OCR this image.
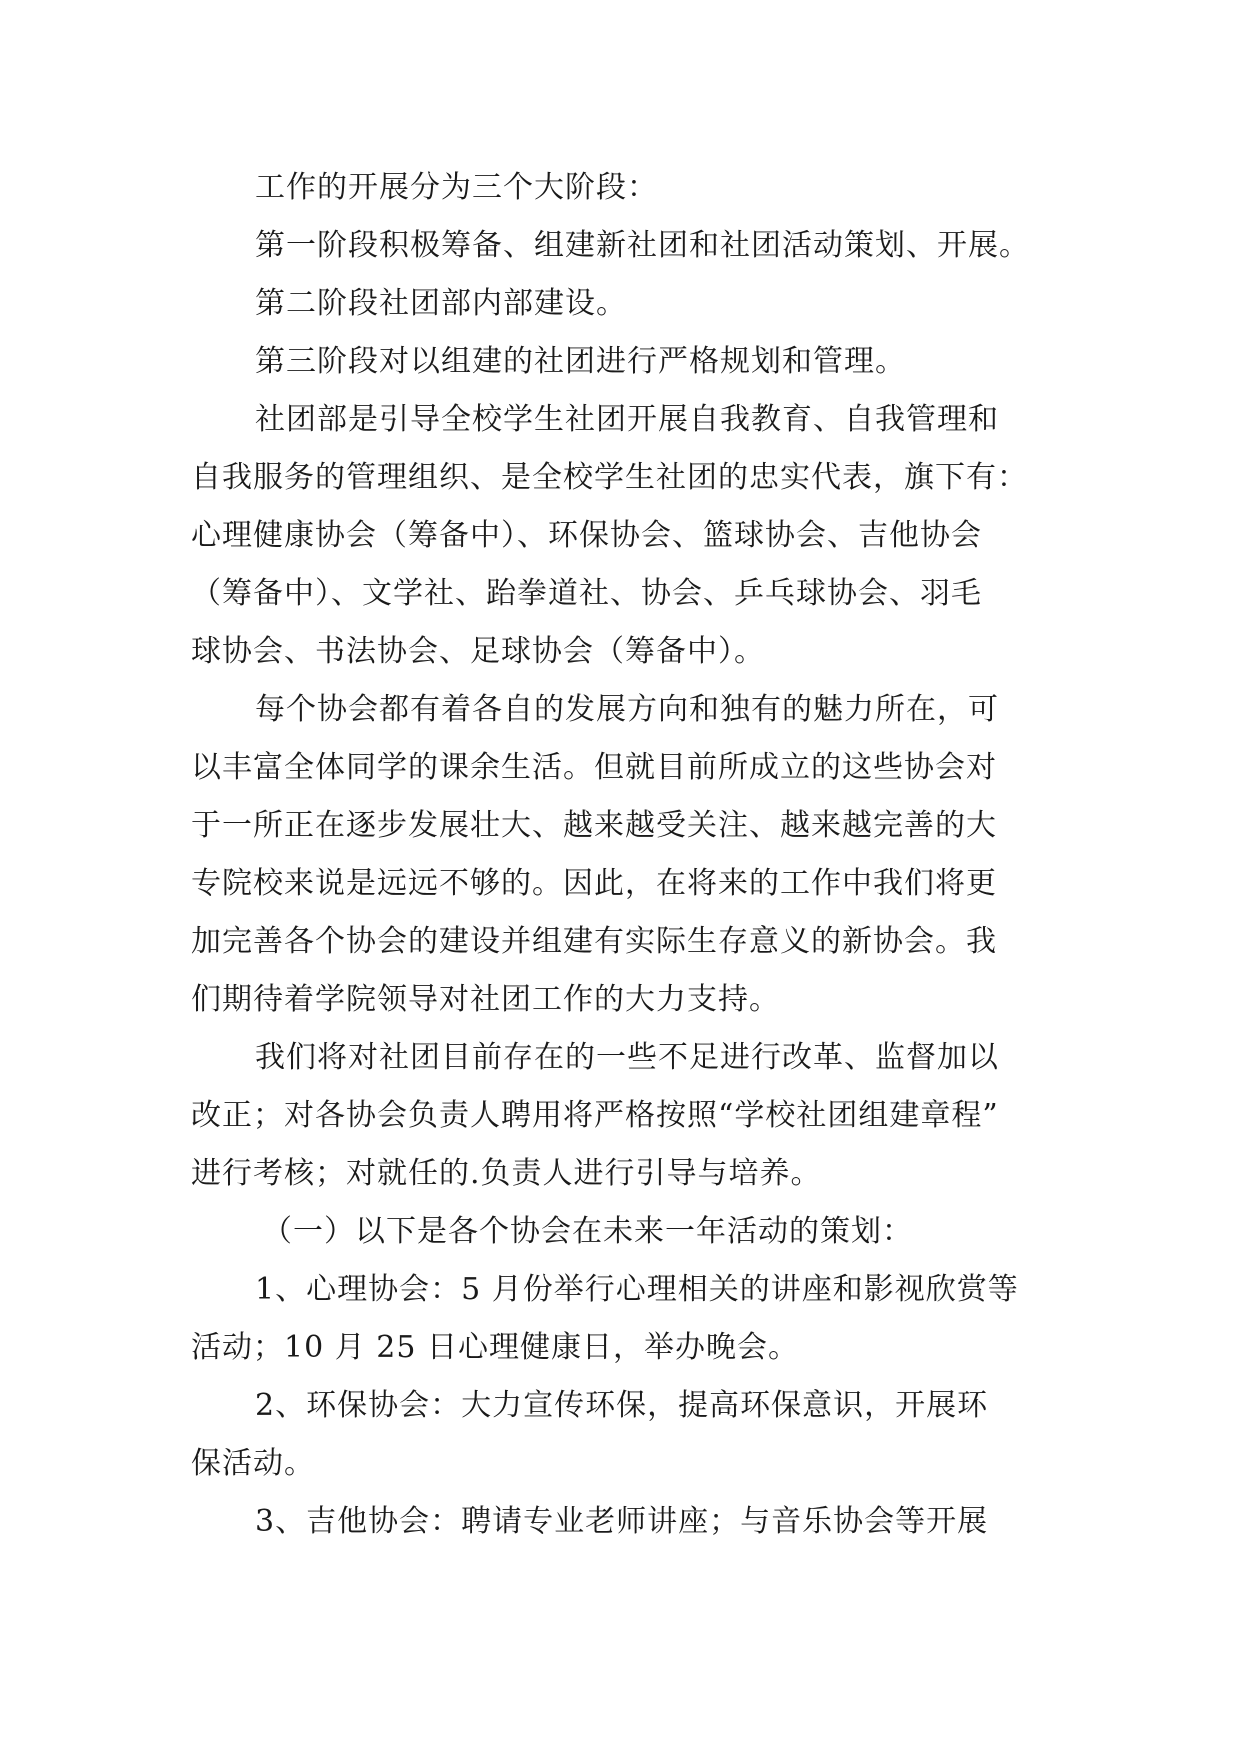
工作的开展分为三个大阶段：
第一阶段积极筹备、组建新社团和社团活动策划、开展。
第二阶段社团部内部建设。
第三阶段对以组建的社团进行严格规划和管理。
社团部是引导全校学生社团开展自我教育、自我管理和
自我服务的管理组织、是全校学生社团的忠实代表，旗下有：
心理健康协会（筹备中）、环保协会、篮球协会、吉他协会
（筹备中）、文学社、跆拳道社、协会、乒乓球协会、羽毛
球协会、书法协会、足球协会（筹备中）。
每个协会都有着各自的发展方向和独有的魅力所在，可
以丰富全体同学的课余生活。但就目前所成立的这些协会对
于一所正在逐步发展壮大、越来越受关注、越来越完善的大
专院校来说是远远不够的。因此，在将来的工作中我们将更
加完善各个协会的建设并组建有实际生存意义的新协会。我
们期待着学院领导对社团工作的大力支持。
我们将对社团目前存在的一些不足进行改革、监督加以
改正；对各协会负责人聘用将严格按照“学校社团组建章程”
进行考核；对就任的.负责人进行引导与培养。
（一）以下是各个协会在未来一年活动的策划：
1、心理协会：5 月份举行心理相关的讲座和影视欣赏等
活动；10 月 25 日心理健康日，举办晚会。
2、环保协会：大力宣传环保，提高环保意识，开展环
保活动。
3、吉他协会：聘请专业老师讲座；与音乐协会等开展
